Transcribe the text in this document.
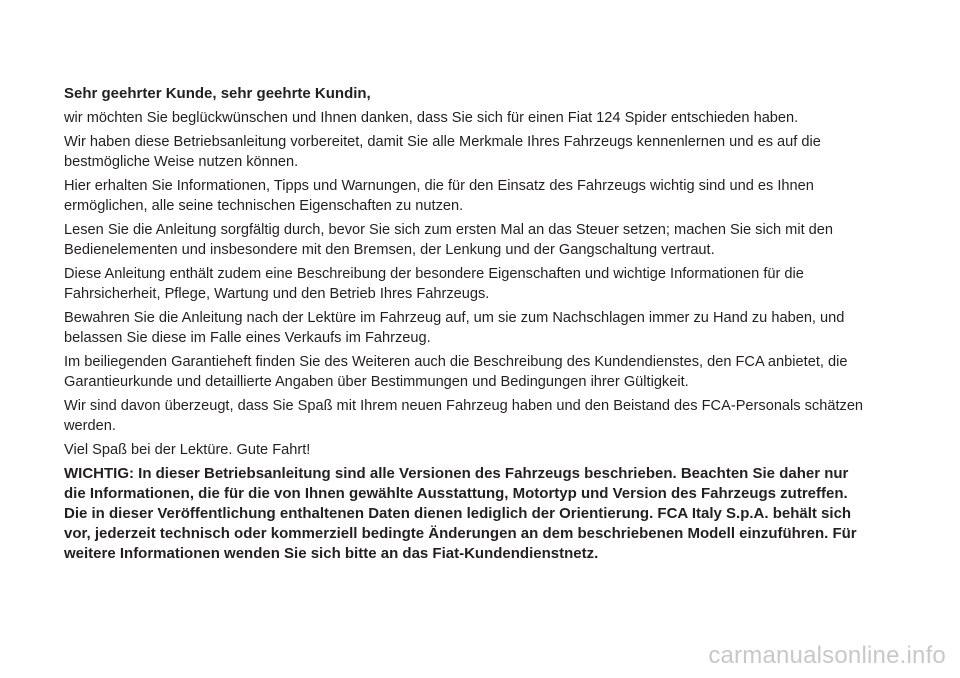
Sehr geehrter Kunde, sehr geehrte Kundin,

wir möchten Sie beglückwünschen und Ihnen danken, dass Sie sich für einen Fiat 124 Spider entschieden haben.

Wir haben diese Betriebsanleitung vorbereitet, damit Sie alle Merkmale Ihres Fahrzeugs kennenlernen und es auf die bestmögliche Weise nutzen können.

Hier erhalten Sie Informationen, Tipps und Warnungen, die für den Einsatz des Fahrzeugs wichtig sind und es Ihnen ermöglichen, alle seine technischen Eigenschaften zu nutzen.

Lesen Sie die Anleitung sorgfältig durch, bevor Sie sich zum ersten Mal an das Steuer setzen; machen Sie sich mit den Bedienelementen und insbesondere mit den Bremsen, der Lenkung und der Gangschaltung vertraut.

Diese Anleitung enthält zudem eine Beschreibung der besondere Eigenschaften und wichtige Informationen für die Fahrsicherheit, Pflege, Wartung und den Betrieb Ihres Fahrzeugs.

Bewahren Sie die Anleitung nach der Lektüre im Fahrzeug auf, um sie zum Nachschlagen immer zu Hand zu haben, und belassen Sie diese im Falle eines Verkaufs im Fahrzeug.

Im beiliegenden Garantieheft finden Sie des Weiteren auch die Beschreibung des Kundendienstes, den FCA anbietet, die Garantieurkunde und detaillierte Angaben über Bestimmungen und Bedingungen ihrer Gültigkeit.

Wir sind davon überzeugt, dass Sie Spaß mit Ihrem neuen Fahrzeug haben und den Beistand des FCA-Personals schätzen werden.

Viel Spaß bei der Lektüre. Gute Fahrt!

WICHTIG: In dieser Betriebsanleitung sind alle Versionen des Fahrzeugs beschrieben. Beachten Sie daher nur die Informationen, die für die von Ihnen gewählte Ausstattung, Motortyp und Version des Fahrzeugs zutreffen. Die in dieser Veröffentlichung enthaltenen Daten dienen lediglich der Orientierung. FCA Italy S.p.A. behält sich vor, jederzeit technisch oder kommerziell bedingte Änderungen an dem beschriebenen Modell einzuführen. Für weitere Informationen wenden Sie sich bitte an das Fiat-Kundendienstnetz.

carmanualsonline.info
